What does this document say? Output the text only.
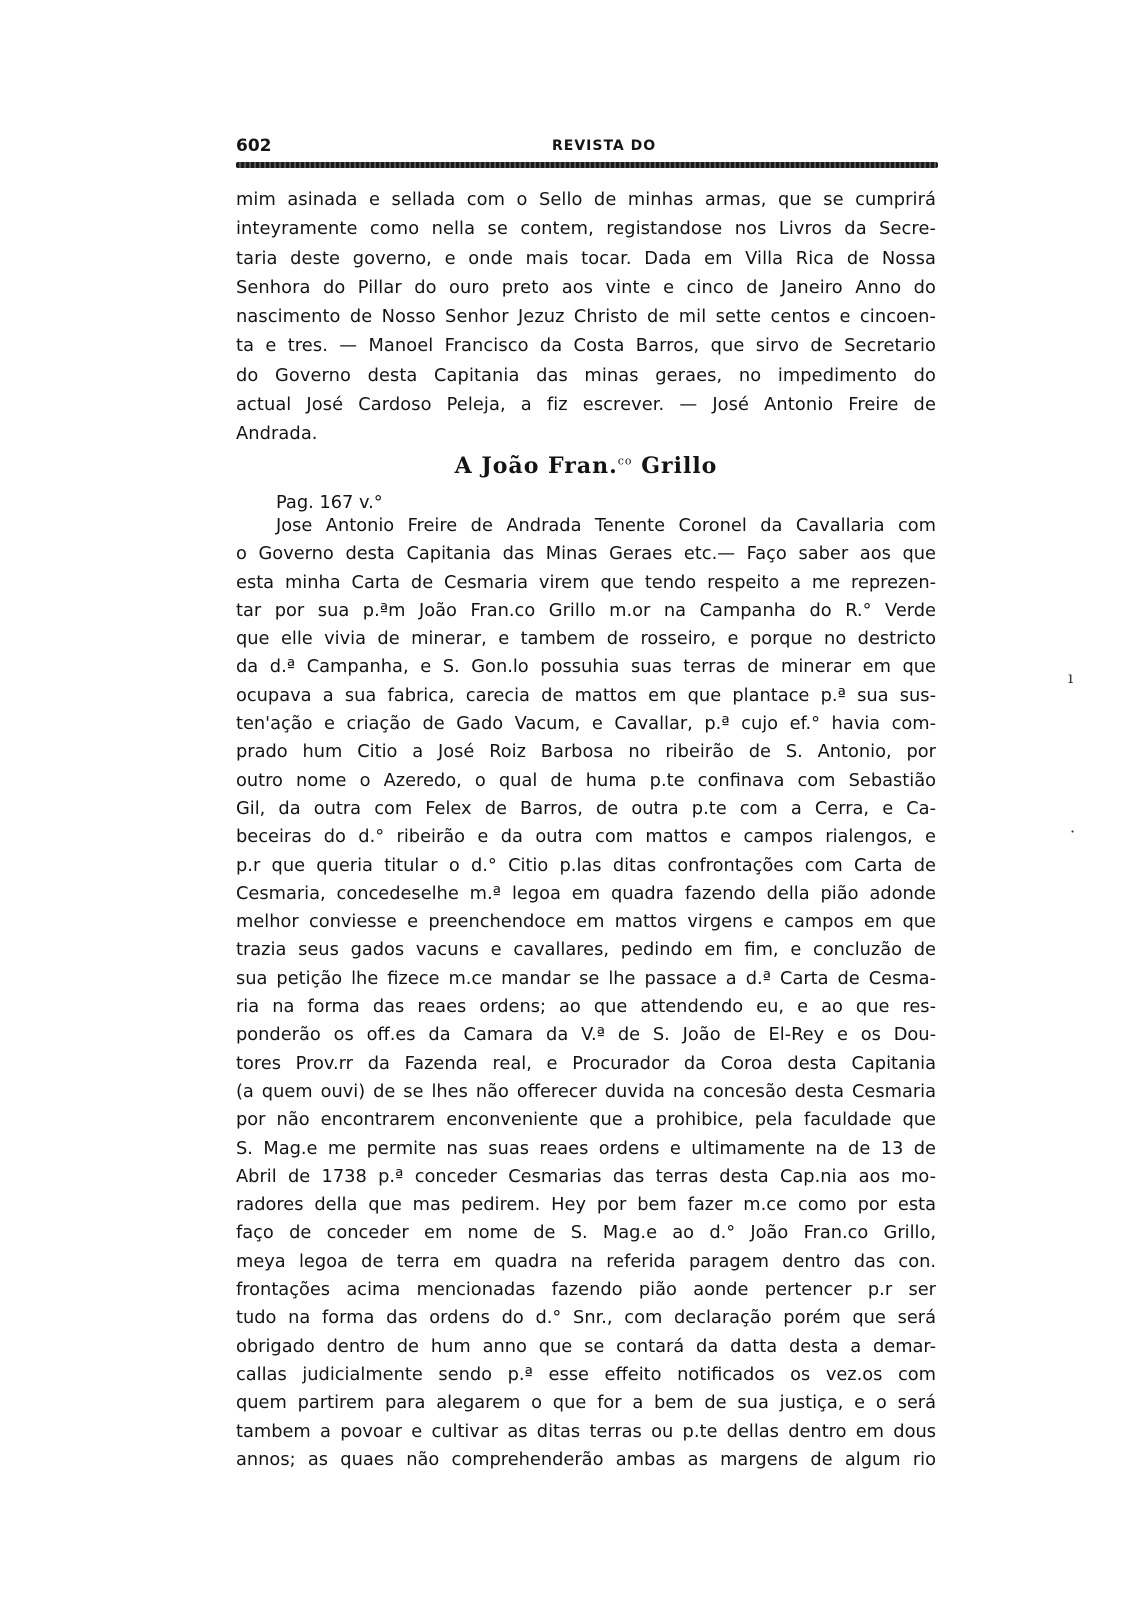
602	REVISTA DO
mim asinada e sellada com o Sello de minhas armas, que se cumprirá
inteyramente como nella se contem, registandose nos Livros da Secre-
taria deste governo, e onde mais tocar. Dada em Villa Rica de Nossa
Senhora do Pillar do ouro preto aos vinte e cinco de Janeiro Anno do
nascimento de Nosso Senhor Jezuz Christo de mil sette centos e cincoen-
ta e tres. — Manoel Francisco da Costa Barros, que sirvo de Secretario
do Governo desta Capitania das minas geraes, no impedimento do
actual José Cardoso Peleja, a fiz escrever. — José Antonio Freire de
Andrada.
A João Fran.$^{co}$ Grillo
Pag. 167 v.°
Jose Antonio Freire de Andrada Tenente Coronel da Cavallaria com
o Governo desta Capitania das Minas Geraes etc.— Faço saber aos que
esta minha Carta de Cesmaria virem que tendo respeito a me reprezen-
tar por sua p.ªm João Fran.co Grillo m.or na Campanha do R.° Verde
que elle vivia de minerar, e tambem de rosseiro, e porque no destricto
da d.ª Campanha, e S. Gon.lo possuhia suas terras de minerar em que
ocupava a sua fabrica, carecia de mattos em que plantace p.ª sua sus-
ten'ação e criação de Gado Vacum, e Cavallar, p.ª cujo ef.° havia com-
prado hum Citio a José Roiz Barbosa no ribeirão de S. Antonio, por
outro nome o Azeredo, o qual de huma p.te confinava com Sebastião
Gil, da outra com Felex de Barros, de outra p.te com a Cerra, e Ca-
beceiras do d.° ribeirão e da outra com mattos e campos rialengos, e
p.r que queria titular o d.° Citio p.las ditas confrontações com Carta de
Cesmaria, concedeselhe m.ª legoa em quadra fazendo della pião adonde
melhor conviesse e preenchendoce em mattos virgens e campos em que
trazia seus gados vacuns e cavallares, pedindo em fim, e concluzão de
sua petição lhe fizece m.ce mandar se lhe passace a d.ª Carta de Cesma-
ria na forma das reaes ordens; ao que attendendo eu, e ao que res-
ponderão os off.es da Camara da V.ª de S. João de El-Rey e os Dou-
tores Prov.rr da Fazenda real, e Procurador da Coroa desta Capitania
(a quem ouvi) de se lhes não offerecer duvida na concesão desta Cesmaria
por não encontrarem enconveniente que a prohibice, pela faculdade que
S. Mag.e me permite nas suas reaes ordens e ultimamente na de 13 de
Abril de 1738 p.ª conceder Cesmarias das terras desta Cap.nia aos mo-
radores della que mas pedirem. Hey por bem fazer m.ce como por esta
faço de conceder em nome de S. Mag.e ao d.° João Fran.co Grillo,
meya legoa de terra em quadra na referida paragem dentro das con.
frontações acima mencionadas fazendo pião aonde pertencer p.r ser
tudo na forma das ordens do d.° Snr., com declaração porém que será
obrigado dentro de hum anno que se contará da datta desta a demar-
callas judicialmente sendo p.ª esse effeito notificados os vez.os com
quem partirem para alegarem o que for a bem de sua justiça, e o será
tambem a povoar e cultivar as ditas terras ou p.te dellas dentro em dous
annos; as quaes não comprehenderão ambas as margens de algum rio
ı
·
